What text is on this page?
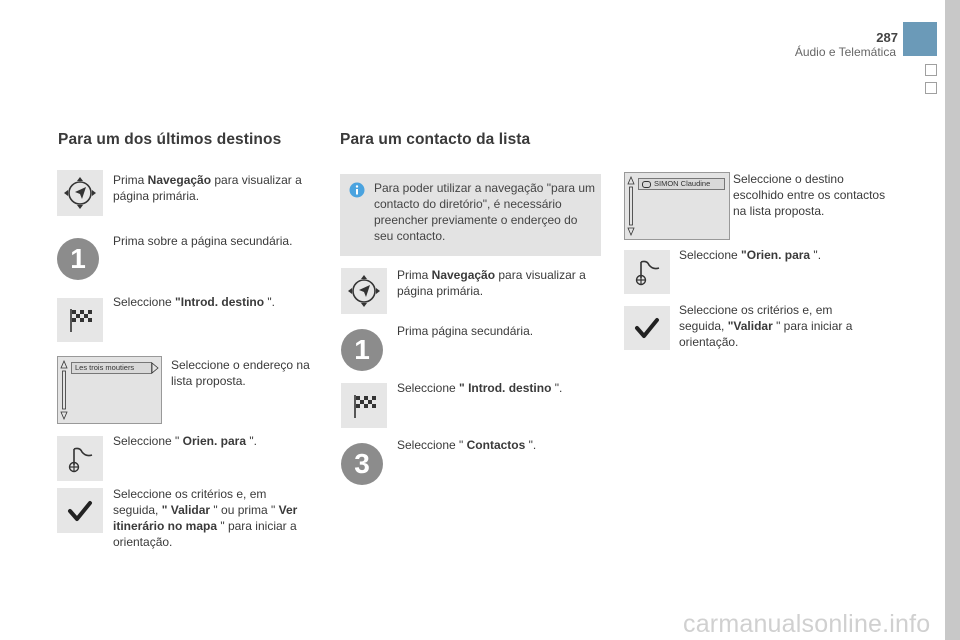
287
Áudio e Telemática
Para um dos últimos destinos
Prima Navegação para visualizar a página primária.
1
Prima sobre a página secundária.
Seleccione "Introd. destino ".
Les trois moutiers	Seleccione o endereço na lista proposta.
Seleccione " Orien. para ".
Seleccione os critérios e, em seguida, " Validar " ou prima " Ver itinerário no mapa " para iniciar a orientação.
Para um contacto da lista
Para poder utilizar a navegação "para um contacto do diretório", é necessário preencher previamente o enderçeo do seu contacto.
Prima Navegação para visualizar a página primária.
1
Prima página secundária.
Seleccione " Introd. destino ".
3
Seleccione " Contactos ".
SIMON Claudine	Seleccione o destino escolhido entre os contactos na lista proposta.
Seleccione "Orien. para ".
Seleccione os critérios e, em seguida, "Validar " para iniciar a orientação.
carmanualsonline.info
